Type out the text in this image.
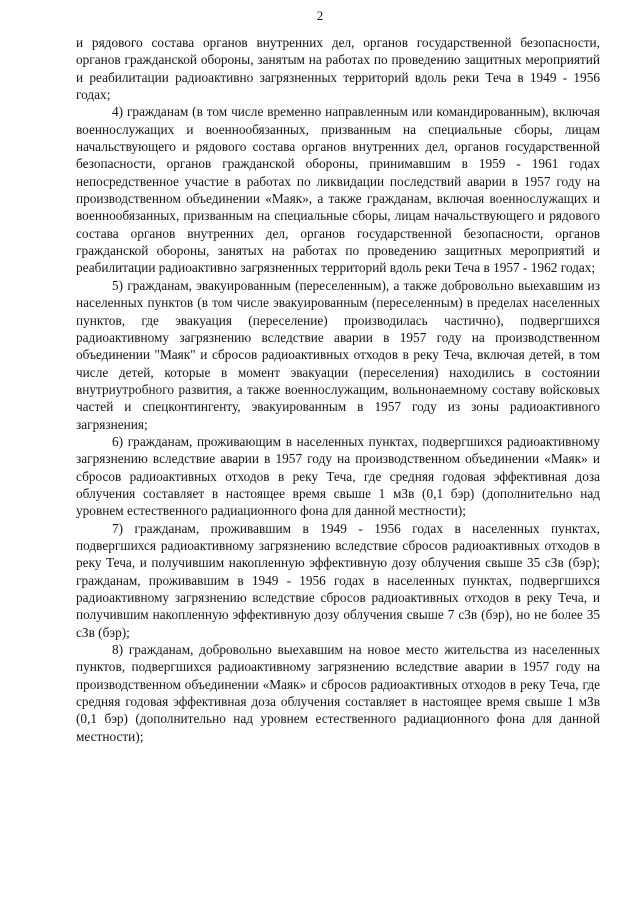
2

и рядового состава органов внутренних дел, органов государственной безопасности, органов гражданской обороны, занятым на работах по проведению защитных мероприятий и реабилитации радиоактивно загрязненных территорий вдоль реки Теча в 1949 - 1956 годах;

4) гражданам (в том числе временно направленным или командированным), включая военнослужащих и военнообязанных, призванным на специальные сборы, лицам начальствующего и рядового состава органов внутренних дел, органов государственной безопасности, органов гражданской обороны, принимавшим в 1959 - 1961 годах непосредственное участие в работах по ликвидации последствий аварии в 1957 году на производственном объединении «Маяк», а также гражданам, включая военнослужащих и военнообязанных, призванным на специальные сборы, лицам начальствующего и рядового состава органов внутренних дел, органов государственной безопасности, органов гражданской обороны, занятых на работах по проведению защитных мероприятий и реабилитации радиоактивно загрязненных территорий вдоль реки Теча в 1957 - 1962 годах;

5) гражданам, эвакуированным (переселенным), а также добровольно выехавшим из населенных пунктов (в том числе эвакуированным (переселенным) в пределах населенных пунктов, где эвакуация (переселение) производилась частично), подвергшихся радиоактивному загрязнению вследствие аварии в 1957 году на производственном объединении "Маяк" и сбросов радиоактивных отходов в реку Теча, включая детей, в том числе детей, которые в момент эвакуации (переселения) находились в состоянии внутриутробного развития, а также военнослужащим, вольнонаемному составу войсковых частей и спецконтингенту, эвакуированным в 1957 году из зоны радиоактивного загрязнения;

6) гражданам, проживающим в населенных пунктах, подвергшихся радиоактивному загрязнению вследствие аварии в 1957 году на производственном объединении «Маяк» и сбросов радиоактивных отходов в реку Теча, где средняя годовая эффективная доза облучения составляет в настоящее время свыше 1 мЗв (0,1 бэр) (дополнительно над уровнем естественного радиационного фона для данной местности);

7) гражданам, проживавшим в 1949 - 1956 годах в населенных пунктах, подвергшихся радиоактивному загрязнению вследствие сбросов радиоактивных отходов в реку Теча, и получившим накопленную эффективную дозу облучения свыше 35 сЗв (бэр); гражданам, проживавшим в 1949 - 1956 годах в населенных пунктах, подвергшихся радиоактивному загрязнению вследствие сбросов радиоактивных отходов в реку Теча, и получившим накопленную эффективную дозу облучения свыше 7 сЗв (бэр), но не более 35 сЗв (бэр);

8) гражданам, добровольно выехавшим на новое место жительства из населенных пунктов, подвергшихся радиоактивному загрязнению вследствие аварии в 1957 году на производственном объединении «Маяк» и сбросов радиоактивных отходов в реку Теча, где средняя годовая эффективная доза облучения составляет в настоящее время свыше 1 мЗв (0,1 бэр) (дополнительно над уровнем естественного радиационного фона для данной местности);
